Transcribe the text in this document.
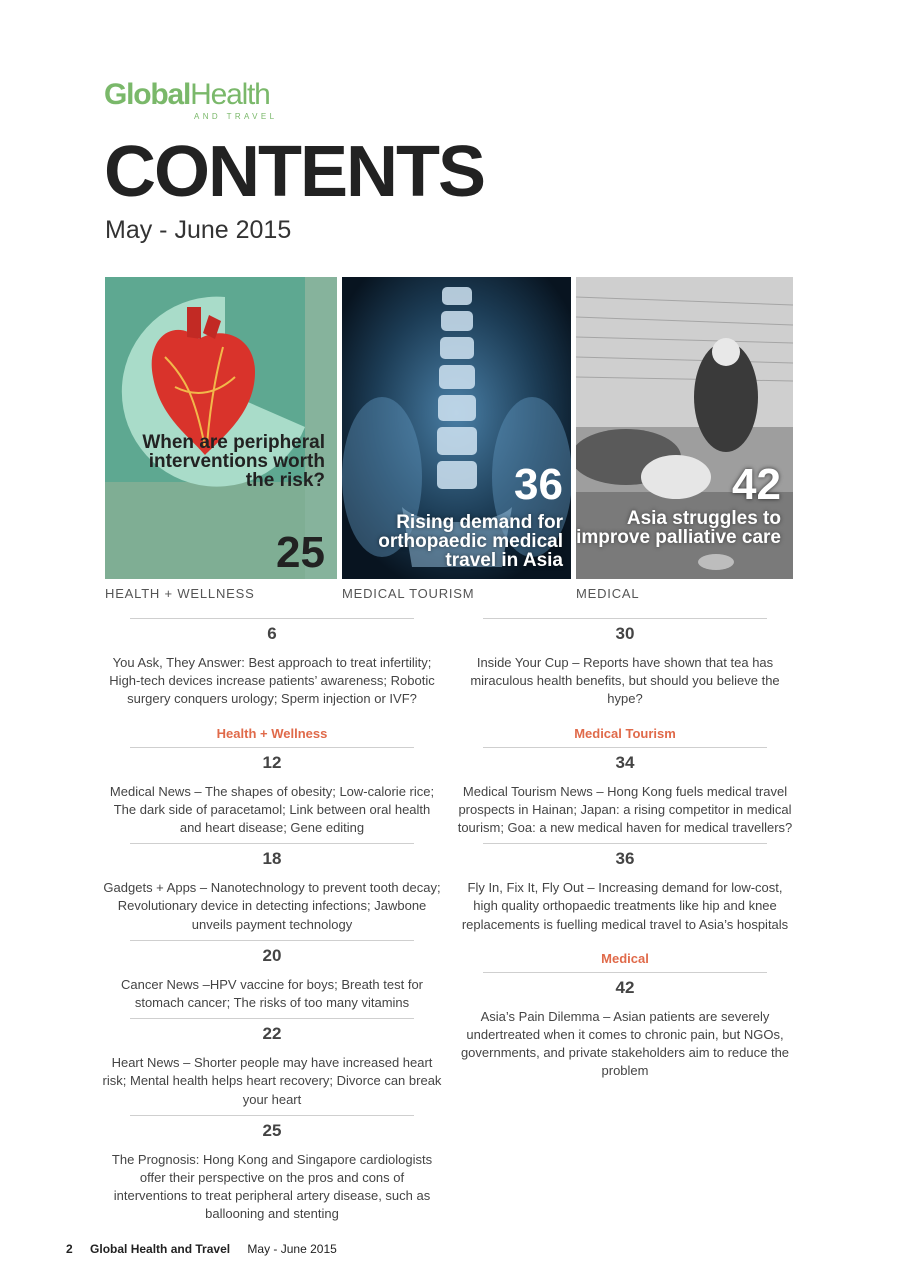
GlobalHealth
AND TRAVEL
CONTENTS
May - June 2015
When are peripheral interventions worth the risk?
25
36
Rising demand for orthopaedic medical travel in Asia
42
Asia struggles to improve palliative care
HEALTH + WELLNESS	MEDICAL TOURISM	MEDICAL
6
You Ask, They Answer: Best approach to treat infertility; High-tech devices increase patients’ awareness; Robotic surgery conquers urology; Sperm injection or IVF?
Health + Wellness
12
Medical News – The shapes of obesity; Low-calorie rice; The dark side of paracetamol; Link between oral health and heart disease; Gene editing
18
Gadgets + Apps – Nanotechnology to prevent tooth decay; Revolutionary device in detecting infections; Jawbone unveils payment technology
20
Cancer News –HPV vaccine for boys; Breath test for stomach cancer; The risks of too many vitamins
22
Heart News – Shorter people may have increased heart risk; Mental health helps heart recovery; Divorce can break your heart
25
The Prognosis: Hong Kong and Singapore cardiologists offer their perspective on the pros and cons of interventions to treat peripheral artery disease, such as ballooning and stenting
30
Inside Your Cup – Reports have shown that tea has miraculous health benefits, but should you believe the hype?
Medical Tourism
34
Medical Tourism News – Hong Kong fuels medical travel prospects in Hainan; Japan: a rising competitor in medical tourism; Goa: a new medical haven for medical travellers?
36
Fly In, Fix It, Fly Out – Increasing demand for low-cost, high quality orthopaedic treatments like hip and knee replacements is fuelling medical travel to Asia’s hospitals
Medical
42
Asia’s Pain Dilemma – Asian patients are severely undertreated when it comes to chronic pain, but NGOs, governments, and private stakeholders aim to reduce the problem
2 Global Health and Travel May - June 2015
